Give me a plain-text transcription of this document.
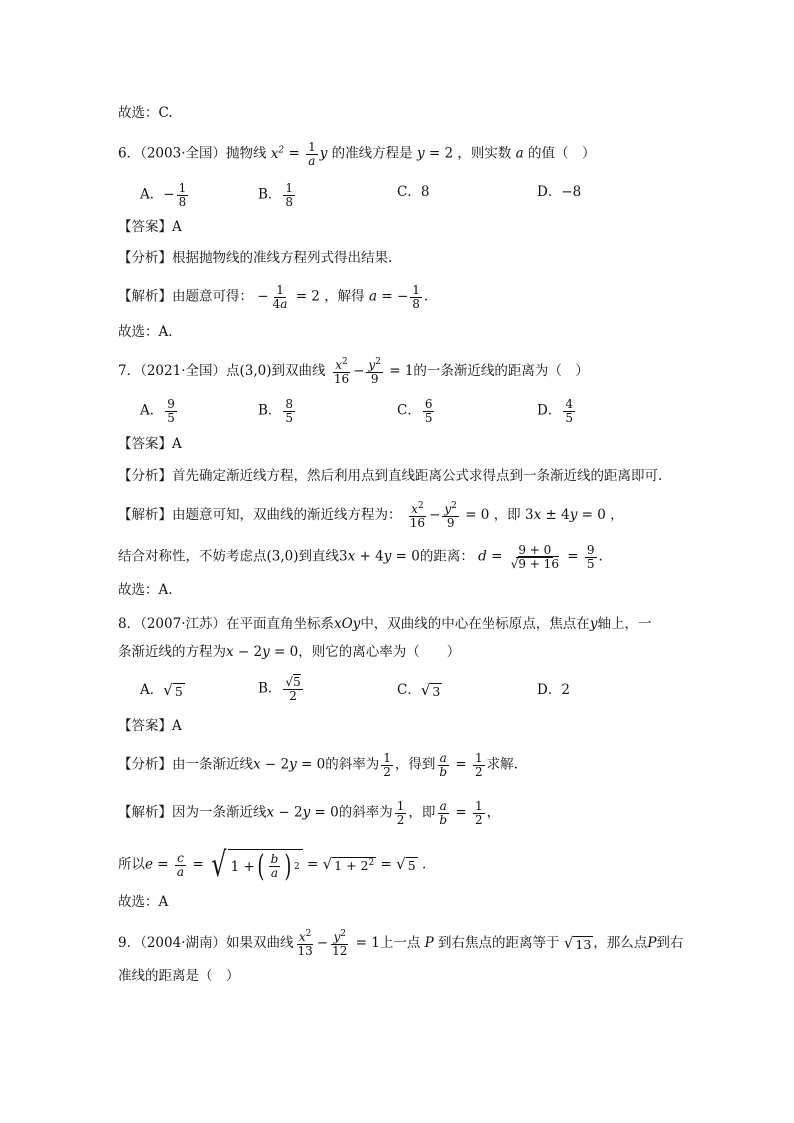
故选：C.
6．（2003·全国）抛物线 $x^2 = \frac{1}{a}$ y 的准线方程是 y = 2 ，则实数 a 的值（　）
A．− $\frac{1}{8}$	B． $\frac{1}{8}$	C．8	D．−8
【答案】A
【分析】根据抛物线的准线方程列式得出结果.
【解析】由题意可得： − $\frac{1}{4a} = 2$ ，解得 a = − $\frac{1}{8}$ .
故选：A.
7．（2021·全国）点(3,0)到双曲线 $\frac{x^2}{16} - \frac{y^2}{9} = 1$的一条渐近线的距离为（　）
A． $\frac{9}{5}$	B． $\frac{8}{5}$	C． $\frac{6}{5}$	D． $\frac{4}{5}$
【答案】A
【分析】首先确定渐近线方程，然后利用点到直线距离公式求得点到一条渐近线的距离即可.
【解析】由题意可知，双曲线的渐近线方程为： $\frac{x^2}{16} - \frac{y^2}{9} = 0$ ，即 3x ± 4y = 0 ，
结合对称性，不妨考虑点(3,0)到直线3x + 4y = 0的距离： $d = \frac{9 + 0}{√9 + 16} = \frac{9}{5}$ .
故选：A.
8．（2007·江苏）在平面直角坐标系xOy中，双曲线的中心在坐标原点，焦点在y轴上，一
条渐近线的方程为x − 2y = 0，则它的离心率为（　　）
A． √ 5	B． $\frac{√5}{2}$	C． √ 3	D．2
【答案】A
【分析】由一条渐近线x − 2y = 0的斜率为 $\frac{1}{2}$ ，得到 $\frac{a}{b} = \frac{1}{2}$ 求解.
【解析】因为一条渐近线x − 2y = 0的斜率为 $\frac{1}{2}$ ，即 $\frac{a}{b} = \frac{1}{2}$ ，
所以$e = \frac{c}{a}$ = √ 1 + ( $\frac{b}{a}$ ) 2 = √ $1 + 2^2$ = √ 5 .
故选：A
9．（2004·湖南）如果双曲线 $\frac{x^2}{13} - \frac{y^2}{12} = 1$上一点 P 到右焦点的距离等于 √ 13 ，那么点P到右
准线的距离是（　）
